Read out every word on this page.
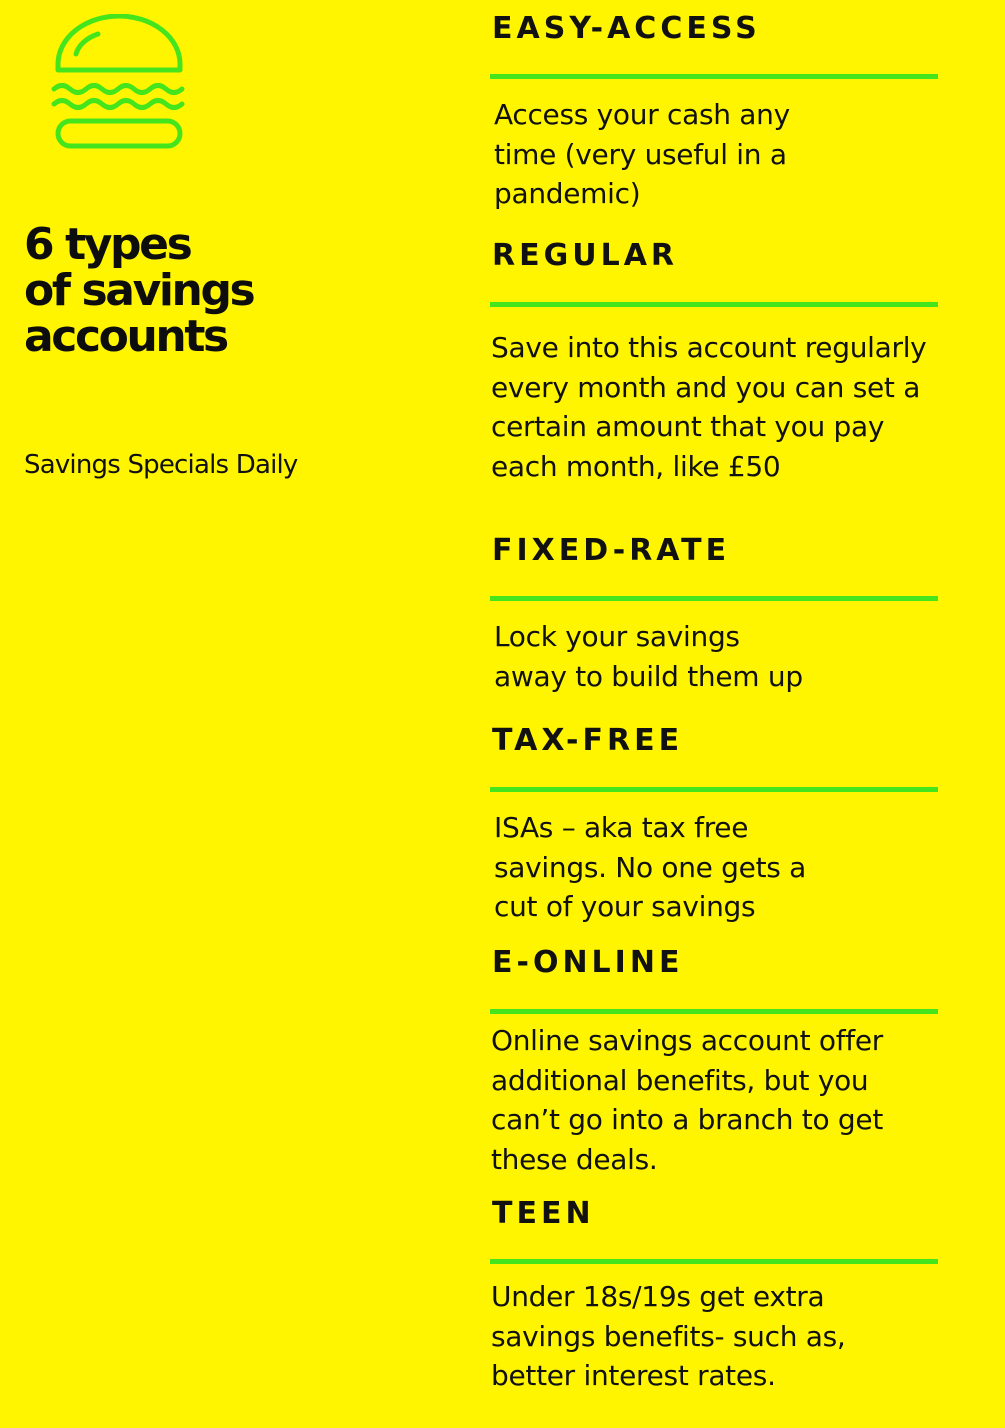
6 types
of savings
accounts
Savings Specials Daily
EASY-ACCESS

Access your cash any
time (very useful in a
pandemic)

REGULAR

Save into this account regularly
every month and you can set a
certain amount that you pay
each month, like £50

FIXED-RATE

Lock your savings
away to build them up

TAX-FREE

ISAs – aka tax free
savings. No one gets a
cut of your savings

E-ONLINE

Online savings account offer
additional benefits, but you
can’t go into a branch to get
these deals.

TEEN

Under 18s/19s get extra
savings benefits- such as,
better interest rates.
